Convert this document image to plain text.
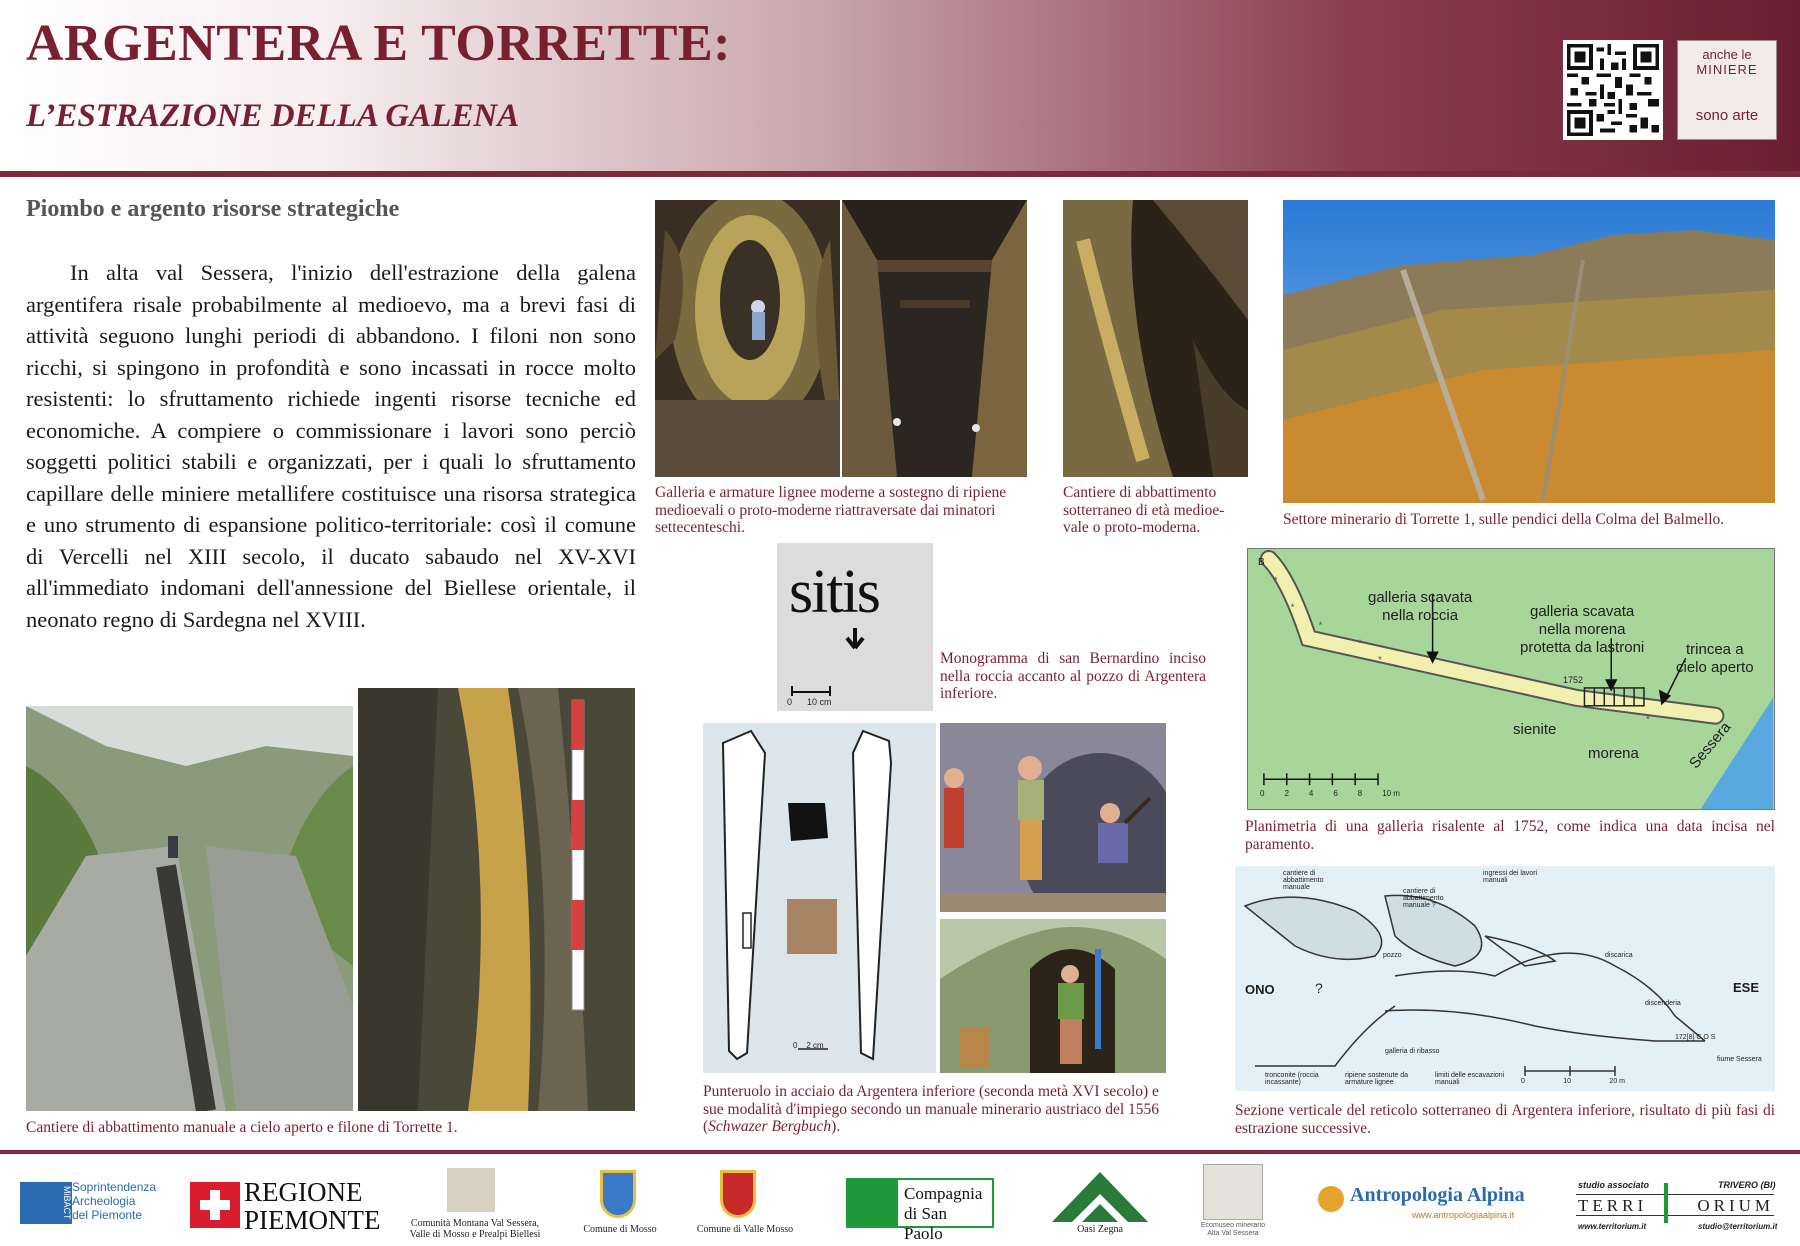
ARGENTERA E TORRETTE:
L’ESTRAZIONE DELLA GALENA
anche le
MINIERE
sono arte
Piombo e argento risorse strategiche

In alta val Sessera, l'inizio dell'estrazione della galena argentifera risale probabilmente al medioevo, ma a brevi fasi di attività seguono lunghi periodi di abbandono. I filoni non sono ricchi, si spingono in profondità e sono incassati in rocce molto resistenti: lo sfruttamento richiede ingenti risorse tecniche ed economiche. A compiere o commissionare i lavori sono perciò soggetti politici stabili e organizzati, per i quali lo sfruttamento capillare delle miniere metallifere costituisce una risorsa strategica e uno strumento di espansione politico-territoriale: così il comune di Vercelli nel XIII secolo, il ducato sabaudo nel XV-XVI all'immediato indomani dell'annessione del Biellese orientale, il neonato regno di Sardegna nel XVIII.

Galleria e armature lignee moderne a sostegno di ripiene medioevali o proto-moderne riattraversate dai minatori settecenteschi.
Cantiere di abbattimento sotterraneo di età medioe-vale o proto-moderna.	Settore minerario di Torrette 1, sulle pendici della Colma del Balmello.
sitis
0      10 cm
Monogramma di san Bernardino inciso nella roccia accanto al pozzo di Argentera inferiore.
*
*
*
*
*
*
B
galleria scavata
nella roccia	galleria scavata
nella morena
protetta da lastroni	trincea a
cielo aperto
1752
sienite
morena	Sessera
0 2 4 6 8 10 m
Planimetria di una galleria risalente al 1752, come indica una data incisa nel paramento.
0    2 cm
Punteruolo in acciaio da Argentera inferiore (seconda metà XVI secolo) e sue modalità d'impiego secondo un manuale minerario austriaco del 1556 (Schwazer Bergbuch).
ONO	?	ESE
cantiere di abbattimento manuale
ingressi dei lavori manuali
cantiere di abbattimento manuale ?
pozzo	discarica
galleria di ribasso
discenderia
172[8] C O S
fiume Sessera
ripiene sostenute da armature lignee
limiti delle escavazioni manuali
tronconite (roccia incassante)	0	10	20 m
Sezione verticale del reticolo sotterraneo di Argentera inferiore, risultato di più fasi di estrazione successive.
Cantiere di abbattimento manuale a cielo aperto e filone di Torrette 1.
MiBACT Soprintendenza
Archeologia
del Piemonte
REGIONE
PIEMONTE	Comunità Montana Val Sessera,
Valle di Mosso e Prealpi Biellesi	Comune di Mosso	Comune di Valle Mosso
Compagnia
di San Paolo	Oasi Zegna	Ecomuseo minerario
Alta Val Sessera
Antropologia Alpina
www.antropologiaalpina.it
studio associato	TRIVERO (BI)
TERRI	ORIUM
www.territorium.it	studio@territorium.it
